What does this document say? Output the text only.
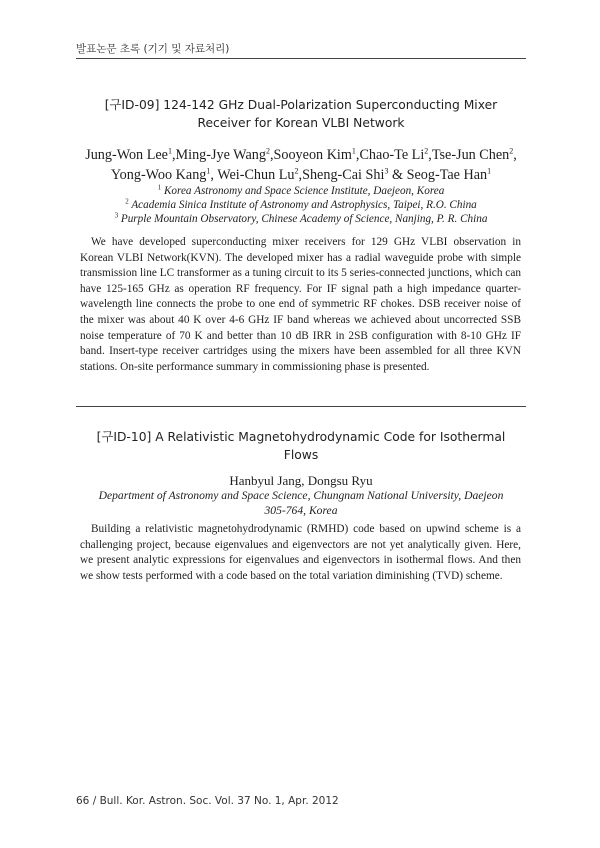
발표논문 초록 (기기 및 자료처리)
[구ID-09] 124-142 GHz Dual-Polarization Superconducting Mixer
Receiver for Korean VLBI Network
Jung-Won Lee$^1$,Ming-Jye Wang$^2$,Sooyeon Kim$^1$,Chao-Te Li$^2$,Tse-Jun Chen$^2$,
Yong-Woo Kang$^1$, Wei-Chun Lu$^2$,Sheng-Cai Shi$^3$ & Seog-Tae Han$^1$
$^1$ Korea Astronomy and Space Science Institute, Daejeon, Korea
$^2$ Academia Sinica Institute of Astronomy and Astrophysics, Taipei, R.O. China
$^3$ Purple Mountain Observatory, Chinese Academy of Science, Nanjing, P. R. China

We have developed superconducting mixer receivers for 129 GHz VLBI observation in Korean VLBI Network(KVN). The developed mixer has a radial waveguide probe with simple transmission line LC transformer as a tuning circuit to its 5 series-connected junctions, which can have 125-165 GHz as operation RF frequency. For IF signal path a high impedance quarter-wavelength line connects the probe to one end of symmetric RF chokes. DSB receiver noise of the mixer was about 40 K over 4-6 GHz IF band whereas we achieved about uncorrected SSB noise temperature of 70 K and better than 10 dB IRR in 2SB configuration with 8-10 GHz IF band. Insert-type receiver cartridges using the mixers have been assembled for all three KVN stations. On-site performance summary in commissioning phase is presented.

[구ID-10] A Relativistic Magnetohydrodynamic Code for Isothermal
Flows
Hanbyul Jang, Dongsu Ryu
Department of Astronomy and Space Science, Chungnam National University, Daejeon
305-764, Korea

Building a relativistic magnetohydrodynamic (RMHD) code based on upwind scheme is a challenging project, because eigenvalues and eigenvectors are not yet analytically given. Here, we present analytic expressions for eigenvalues and eigenvectors in isothermal flows. And then we show tests performed with a code based on the total variation diminishing (TVD) scheme.

66 / Bull. Kor. Astron. Soc. Vol. 37 No. 1, Apr. 2012
